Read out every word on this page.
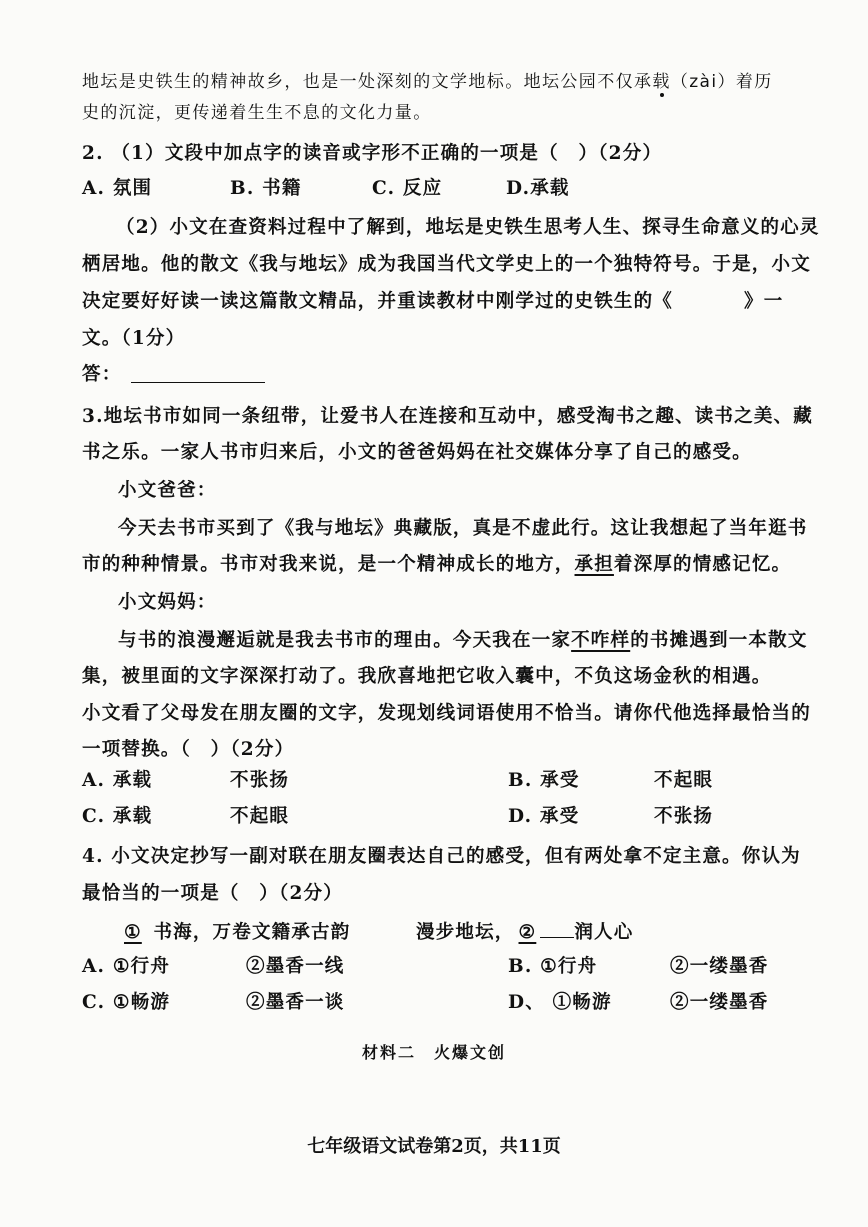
地坛是史铁生的精神故乡，也是一处深刻的文学地标。地坛公园不仅承载（zài）着历
史的沉淀，更传递着生生不息的文化力量。
2. （1）文段中加点字的读音或字形不正确的一项是（　）（2分）
A. 氛围	B. 书籍	C. 反应	D.承载
（2）小文在查资料过程中了解到，地坛是史铁生思考人生、探寻生命意义的心灵
栖居地。他的散文《我与地坛》成为我国当代文学史上的一个独特符号。于是，小文
决定要好好读一读这篇散文精品，并重读教材中刚学过的史铁生的《	》一
文。（1分）
答：
3.地坛书市如同一条纽带，让爱书人在连接和互动中，感受淘书之趣、读书之美、藏
书之乐。一家人书市归来后，小文的爸爸妈妈在社交媒体分享了自己的感受。
小文爸爸：
今天去书市买到了《我与地坛》典藏版，真是不虚此行。这让我想起了当年逛书
市的种种情景。书市对我来说，是一个精神成长的地方，承担着深厚的情感记忆。
小文妈妈：
与书的浪漫邂逅就是我去书市的理由。今天我在一家不咋样的书摊遇到一本散文
集，被里面的文字深深打动了。我欣喜地把它收入囊中，不负这场金秋的相遇。
小文看了父母发在朋友圈的文字，发现划线词语使用不恰当。请你代他选择最恰当的
一项替换。（　）（2分）
A. 承载	不张扬	B. 承受	不起眼
C. 承载	不起眼	D. 承受	不张扬
4. 小文决定抄写一副对联在朋友圈表达自己的感受，但有两处拿不定主意。你认为
最恰当的一项是（　）（2分）
① 书海，万卷文籍承古韵	漫步地坛， ② 润人心
A. ①行舟	②墨香一线	B. ①行舟	②一缕墨香
C. ①畅游	②墨香一谈	D、 ①畅游	②一缕墨香
材料二　火爆文创
七年级语文试卷第2页，共11页
